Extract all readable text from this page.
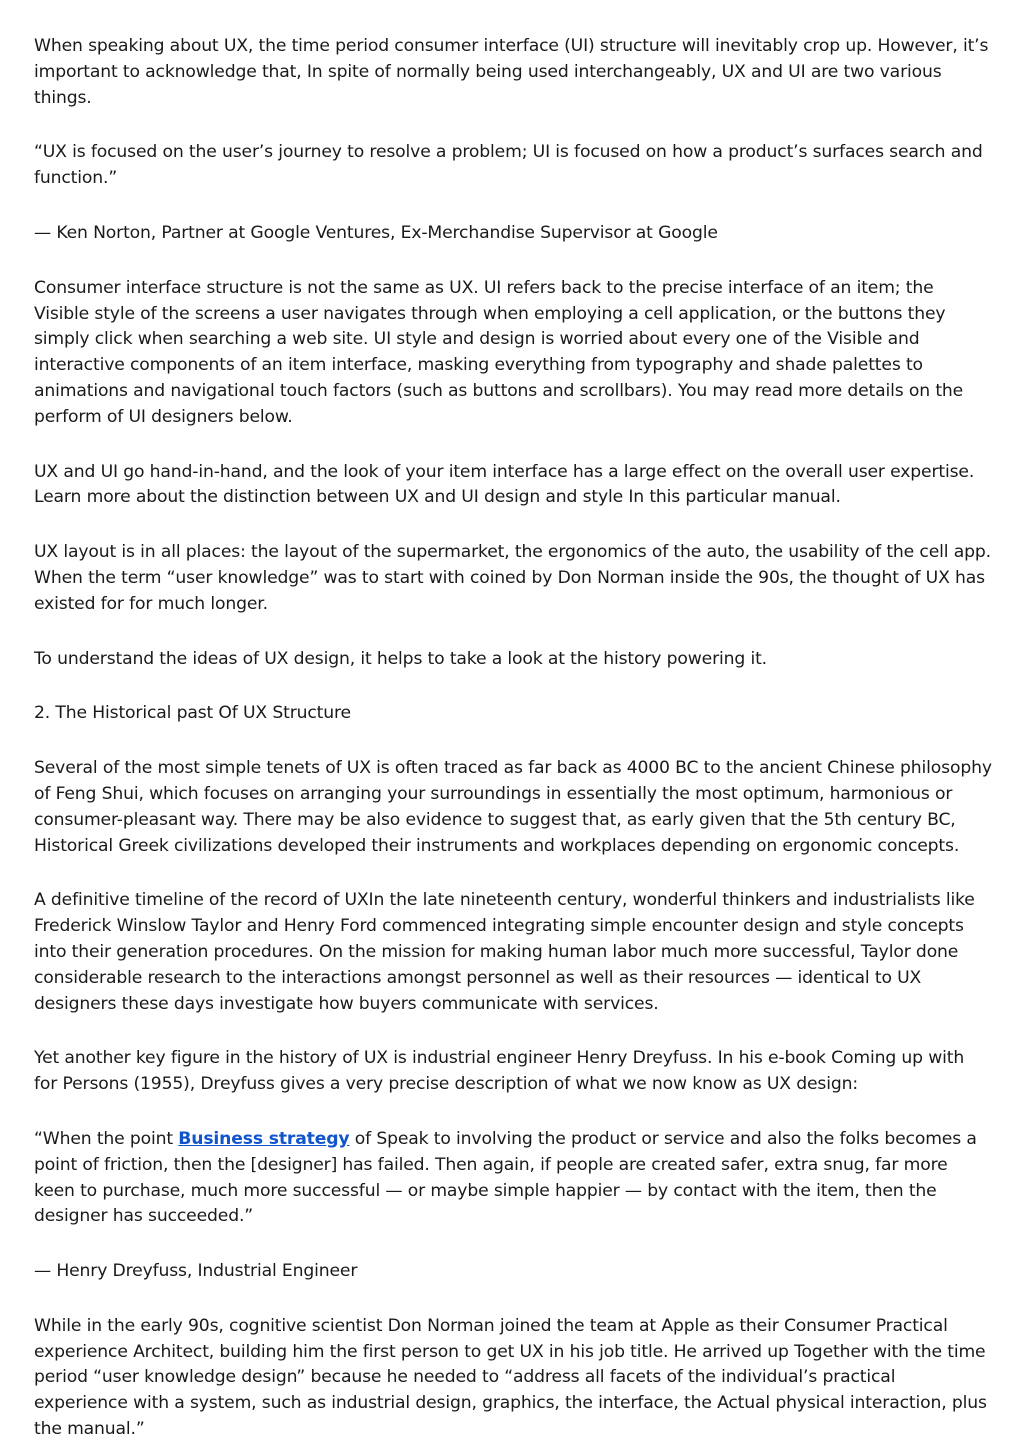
When speaking about UX, the time period consumer interface (UI) structure will inevitably crop up. However, it’s important to acknowledge that, In spite of normally being used interchangeably, UX and UI are two various things.

“UX is focused on the user’s journey to resolve a problem; UI is focused on how a product’s surfaces search and function.”

— Ken Norton, Partner at Google Ventures, Ex-Merchandise Supervisor at Google

Consumer interface structure is not the same as UX. UI refers back to the precise interface of an item; the Visible style of the screens a user navigates through when employing a cell application, or the buttons they simply click when searching a web site. UI style and design is worried about every one of the Visible and interactive components of an item interface, masking everything from typography and shade palettes to animations and navigational touch factors (such as buttons and scrollbars). You may read more details on the perform of UI designers below.

UX and UI go hand-in-hand, and the look of your item interface has a large effect on the overall user expertise. Learn more about the distinction between UX and UI design and style In this particular manual.

UX layout is in all places: the layout of the supermarket, the ergonomics of the auto, the usability of the cell app. When the term “user knowledge” was to start with coined by Don Norman inside the 90s, the thought of UX has existed for for much longer.

To understand the ideas of UX design, it helps to take a look at the history powering it.

2. The Historical past Of UX Structure

Several of the most simple tenets of UX is often traced as far back as 4000 BC to the ancient Chinese philosophy of Feng Shui, which focuses on arranging your surroundings in essentially the most optimum, harmonious or consumer-pleasant way. There may be also evidence to suggest that, as early given that the 5th century BC, Historical Greek civilizations developed their instruments and workplaces depending on ergonomic concepts.

A definitive timeline of the record of UXIn the late nineteenth century, wonderful thinkers and industrialists like Frederick Winslow Taylor and Henry Ford commenced integrating simple encounter design and style concepts into their generation procedures. On the mission for making human labor much more successful, Taylor done considerable research to the interactions amongst personnel as well as their resources — identical to UX designers these days investigate how buyers communicate with services.

Yet another key figure in the history of UX is industrial engineer Henry Dreyfuss. In his e-book Coming up with for Persons (1955), Dreyfuss gives a very precise description of what we now know as UX design:

“When the point Business strategy of Speak to involving the product or service and also the folks becomes a point of friction, then the [designer] has failed. Then again, if people are created safer, extra snug, far more keen to purchase, much more successful — or maybe simple happier — by contact with the item, then the designer has succeeded.”

— Henry Dreyfuss, Industrial Engineer

While in the early 90s, cognitive scientist Don Norman joined the team at Apple as their Consumer Practical experience Architect, building him the first person to get UX in his job title. He arrived up Together with the time period “user knowledge design” because he needed to “address all facets of the individual’s practical experience with a system, such as industrial design, graphics, the interface, the Actual physical interaction, plus the manual.”
